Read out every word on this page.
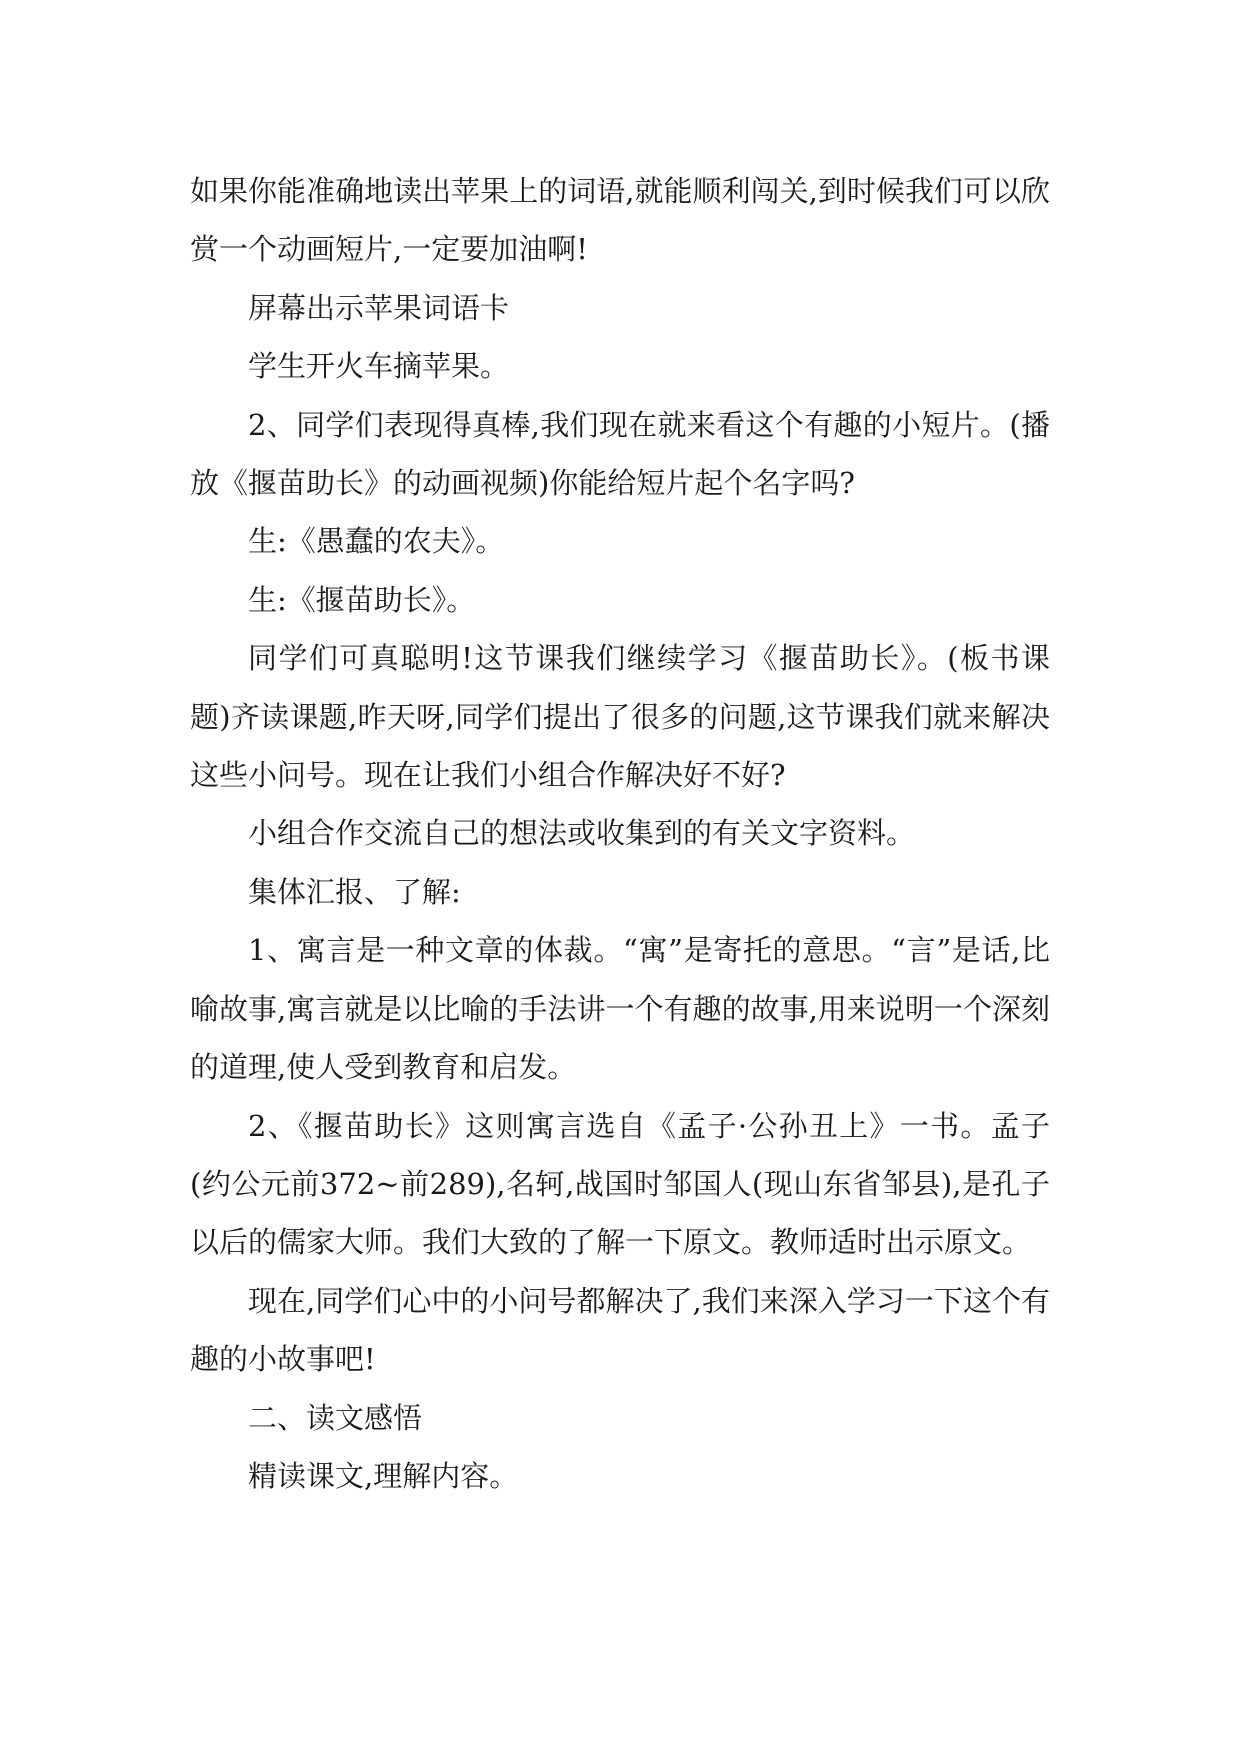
如果你能准确地读出苹果上的词语,就能顺利闯关,到时候我们可以欣赏一个动画短片,一定要加油啊!

屏幕出示苹果词语卡

学生开火车摘苹果。

2、同学们表现得真棒,我们现在就来看这个有趣的小短片。(播放《揠苗助长》的动画视频)你能给短片起个名字吗?

生:《愚蠢的农夫》。

生:《揠苗助长》。

同学们可真聪明!这节课我们继续学习《揠苗助长》。(板书课题)齐读课题,昨天呀,同学们提出了很多的问题,这节课我们就来解决这些小问号。现在让我们小组合作解决好不好?

小组合作交流自己的想法或收集到的有关文字资料。

集体汇报、了解:

1、寓言是一种文章的体裁。“寓”是寄托的意思。“言”是话,比喻故事,寓言就是以比喻的手法讲一个有趣的故事,用来说明一个深刻的道理,使人受到教育和启发。

2、《揠苗助长》这则寓言选自《孟子·公孙丑上》一书。孟子(约公元前372~前289),名轲,战国时邹国人(现山东省邹县),是孔子以后的儒家大师。我们大致的了解一下原文。教师适时出示原文。

现在,同学们心中的小问号都解决了,我们来深入学习一下这个有趣的小故事吧!

二、读文感悟

精读课文,理解内容。
